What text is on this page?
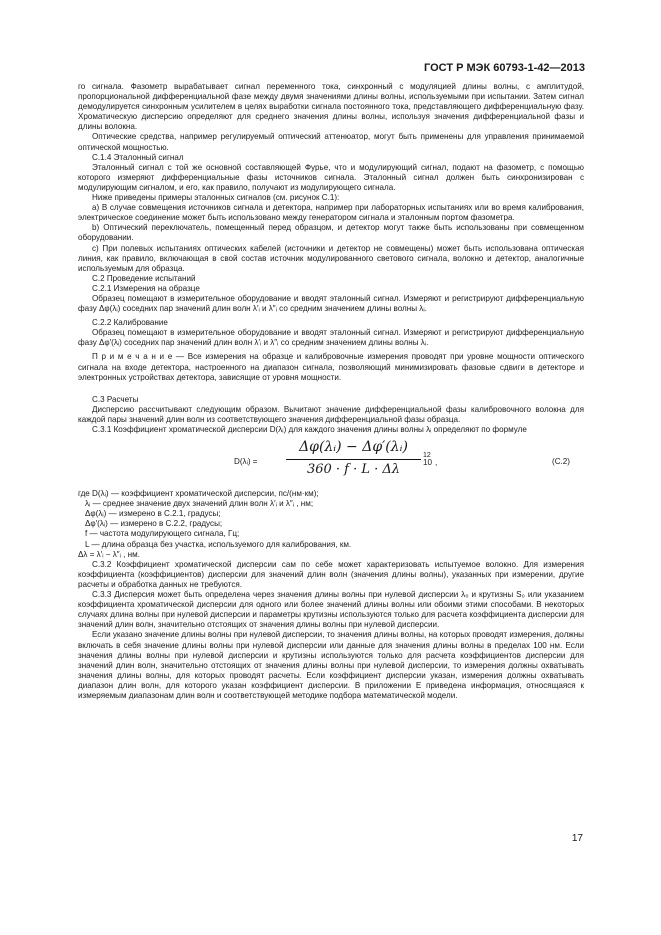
ГОСТ Р МЭК 60793-1-42—2013

го сигнала. Фазометр вырабатывает сигнал переменного тока, синхронный с модуляцией длины волны, с амплитудой, пропорциональной дифференциальной фазе между двумя значениями длины волны, используемыми при испытании. Затем сигнал демодулируется синхронным усилителем в целях выработки сигнала постоянного тока, представляющего дифференциальную фазу. Хроматическую дисперсию определяют для среднего значения длины волны, используя значения дифференциальной фазы и длины волокна.

Оптические средства, например регулируемый оптический аттенюатор, могут быть применены для управления принимаемой оптической мощностью.

C.1.4 Эталонный сигнал

Эталонный сигнал с той же основной составляющей Фурье, что и модулирующий сигнал, подают на фазометр, с помощью которого измеряют дифференциальные фазы источников сигнала. Эталонный сигнал должен быть синхронизирован с модулирующим сигналом, и его, как правило, получают из модулирующего сигнала.

Ниже приведены примеры эталонных сигналов (см. рисунок C.1):

a) В случае совмещения источников сигнала и детектора, например при лабораторных испытаниях или во время калибрования, электрическое соединение может быть использовано между генератором сигнала и эталонным портом фазометра.

b) Оптический переключатель, помещенный перед образцом, и детектор могут также быть использованы при совмещенном оборудовании.

c) При полевых испытаниях оптических кабелей (источники и детектор не совмещены) может быть использована оптическая линия, как правило, включающая в свой состав источник модулированного светового сигнала, волокно и детектор, аналогичные используемым для образца.

C.2 Проведение испытаний

C.2.1 Измерения на образце

Образец помещают в измерительное оборудование и вводят эталонный сигнал. Измеряют и регистрируют дифференциальную фазу Δφ(λᵢ) соседних пар значений длин волн λ′ᵢ и λ″ᵢ со средним значением длины волны λᵢ.

C.2.2 Калибрование

Образец помещают в измерительное оборудование и вводят эталонный сигнал. Измеряют и регистрируют дифференциальную фазу Δφ′(λᵢ) соседних пар значений длин волн λ′ᵢ и λ″ᵢ со средним значением длины волны λᵢ.

П р и м е ч а н и е — Все измерения на образце и калибровочные измерения проводят при уровне мощности оптического сигнала на входе детектора, настроенного на диапазон сигнала, позволяющий минимизировать фазовые сдвиги в детекторе и электронных устройствах детектора, зависящие от уровня мощности.

C.3 Расчеты

Дисперсию рассчитывают следующим образом. Вычитают значение дифференциальной фазы калибровочного волокна для каждой пары значений длин волн из соответствующего значения дифференциальной фазы образца.

C.3.1 Коэффициент хроматической дисперсии D(λᵢ) для каждого значения длины волны λᵢ определяют по формуле

D(λᵢ) = $\frac{\text{Δφ(λᵢ) − Δφ′(λᵢ)}}{360 \cdot f \cdot L \cdot \Delta\lambda} 12$
10 ,	(C.2)

где D(λᵢ) — коэффициент хроматической дисперсии, пс/(нм·км);

λᵢ — среднее значение двух значений длин волн λ′ᵢ и λ″ᵢ , нм;

Δφ(λᵢ) — измерено в C.2.1, градусы;

Δφ′(λᵢ) — измерено в C.2.2, градусы;

f — частота модулирующего сигнала, Гц;

L — длина образца без участка, используемого для калибрования, км.

Δλ = λ′ᵢ − λ″ᵢ , нм.

C.3.2 Коэффициент хроматической дисперсии сам по себе может характеризовать испытуемое волокно. Для измерения коэффициента (коэффициентов) дисперсии для значений длин волн (значения длины волны), указанных при измерении, другие расчеты и обработка данных не требуются.

C.3.3 Дисперсия может быть определена через значения длины волны при нулевой дисперсии λ₀ и крутизны S₀ или указанием коэффициента хроматической дисперсии для одного или более значений длины волны или обоими этими способами. В некоторых случаях длина волны при нулевой дисперсии и параметры крутизны используются только для расчета коэффициента дисперсии для значений длин волн, значительно отстоящих от значения длины волны при нулевой дисперсии.

Если указано значение длины волны при нулевой дисперсии, то значения длины волны, на которых проводят измерения, должны включать в себя значение длины волны при нулевой дисперсии или данные для значения длины волны в пределах 100 нм. Если значения длины волны при нулевой дисперсии и крутизны используются только для расчета коэффициентов дисперсии для значений длин волн, значительно отстоящих от значения длины волны при нулевой дисперсии, то измерения должны охватывать значения длины волны, для которых проводят расчеты. Если коэффициент дисперсии указан, измерения должны охватывать диапазон длин волн, для которого указан коэффициент дисперсии. В приложении E приведена информация, относящаяся к измеряемым диапазонам длин волн и соответствующей методике подбора математической модели.

17
